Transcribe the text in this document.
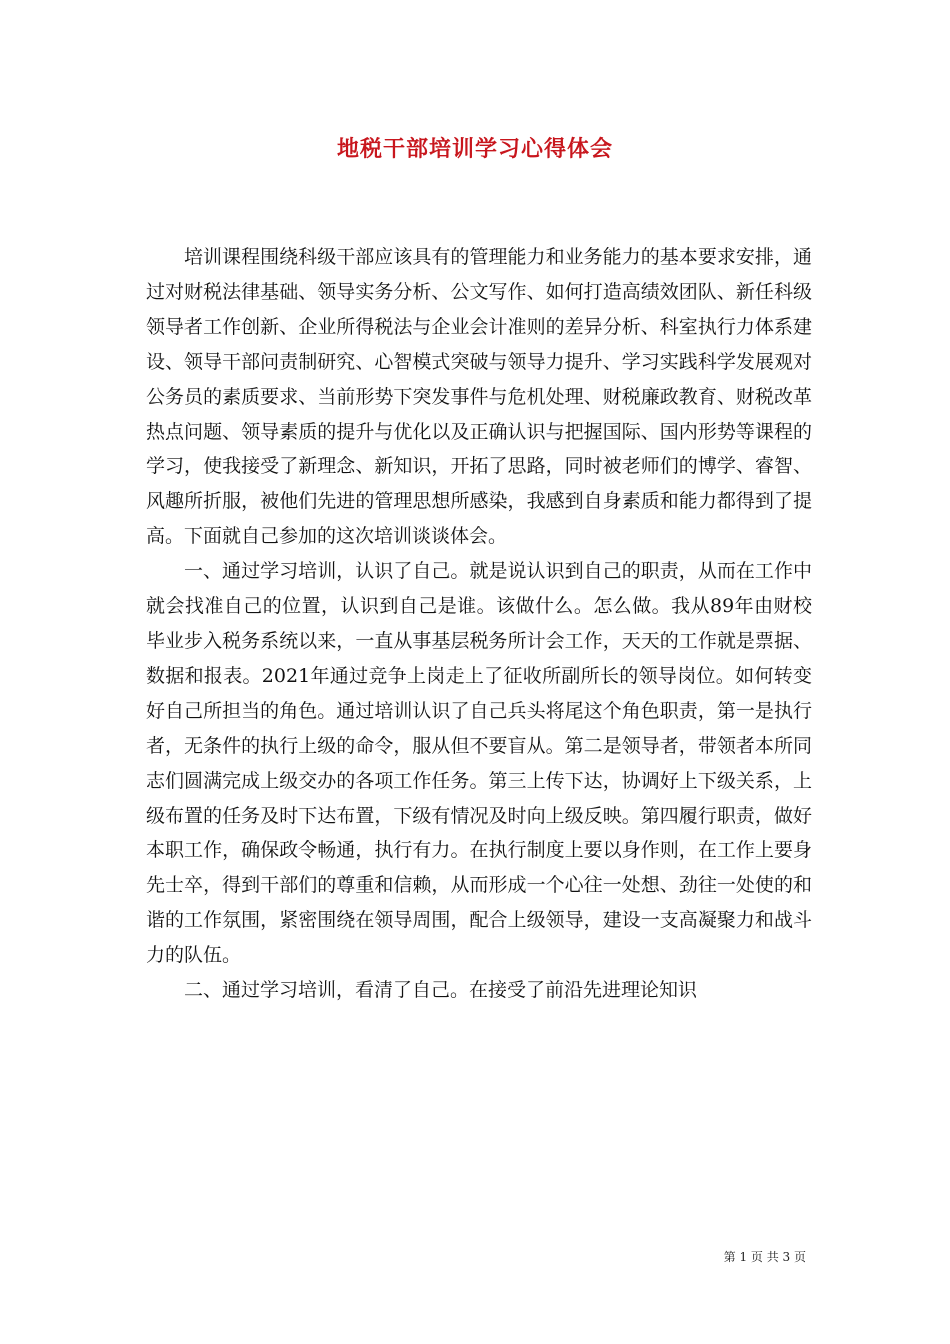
地税干部培训学习心得体会

培训课程围绕科级干部应该具有的管理能力和业务能力的基本要求安排，通过对财税法律基础、领导实务分析、公文写作、如何打造高绩效团队、新任科级领导者工作创新、企业所得税法与企业会计准则的差异分析、科室执行力体系建设、领导干部问责制研究、心智模式突破与领导力提升、学习实践科学发展观对公务员的素质要求、当前形势下突发事件与危机处理、财税廉政教育、财税改革热点问题、领导素质的提升与优化以及正确认识与把握国际、国内形势等课程的学习，使我接受了新理念、新知识，开拓了思路，同时被老师们的博学、睿智、风趣所折服，被他们先进的管理思想所感染，我感到自身素质和能力都得到了提高。下面就自己参加的这次培训谈谈体会。

一、通过学习培训，认识了自己。就是说认识到自己的职责，从而在工作中就会找准自己的位置，认识到自己是谁。该做什么。怎么做。我从89年由财校毕业步入税务系统以来，一直从事基层税务所计会工作，天天的工作就是票据、数据和报表。2021年通过竞争上岗走上了征收所副所长的领导岗位。如何转变好自己所担当的角色。通过培训认识了自己兵头将尾这个角色职责，第一是执行者，无条件的执行上级的命令，服从但不要盲从。第二是领导者，带领者本所同志们圆满完成上级交办的各项工作任务。第三上传下达，协调好上下级关系，上级布置的任务及时下达布置，下级有情况及时向上级反映。第四履行职责，做好本职工作，确保政令畅通，执行有力。在执行制度上要以身作则，在工作上要身先士卒，得到干部们的尊重和信赖，从而形成一个心往一处想、劲往一处使的和谐的工作氛围，紧密围绕在领导周围，配合上级领导，建设一支高凝聚力和战斗力的队伍。

二、通过学习培训，看清了自己。在接受了前沿先进理论知识

第 1 页 共 3 页
